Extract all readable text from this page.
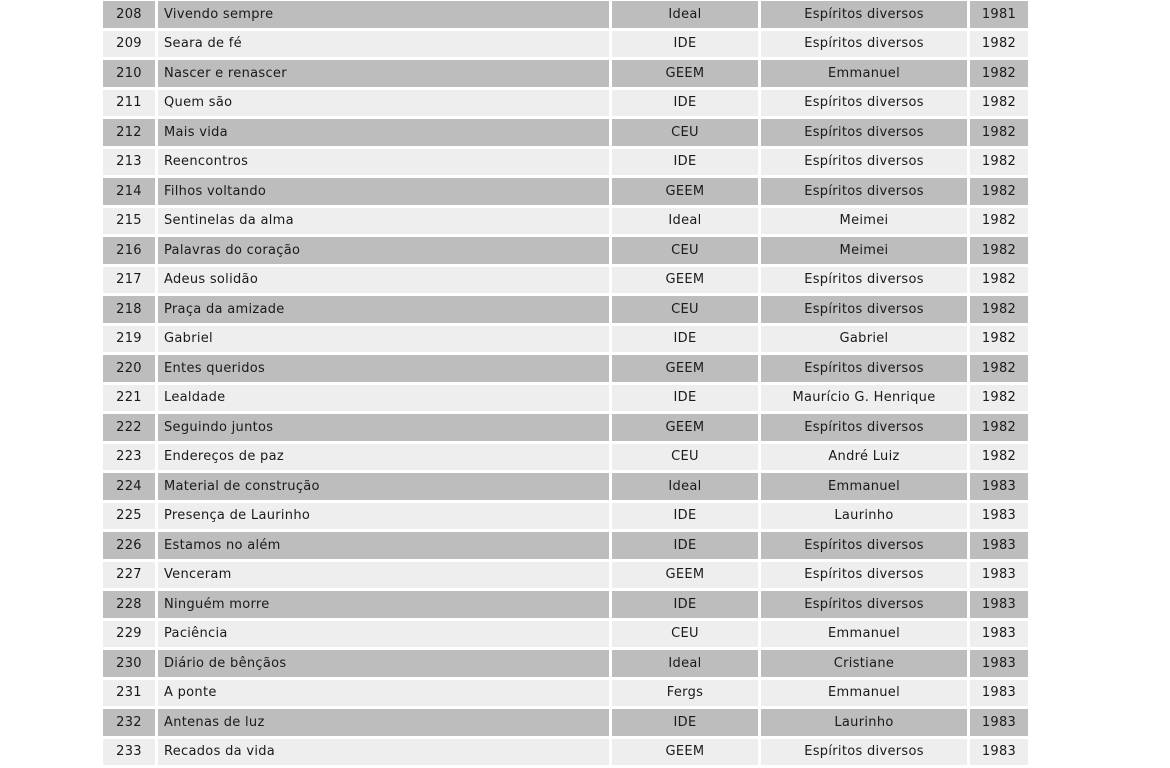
208	Vivendo sempre	Ideal	Espíritos diversos	1981
209	Seara de fé	IDE	Espíritos diversos	1982
210	Nascer e renascer	GEEM	Emmanuel	1982
211	Quem são	IDE	Espíritos diversos	1982
212	Mais vida	CEU	Espíritos diversos	1982
213	Reencontros	IDE	Espíritos diversos	1982
214	Filhos voltando	GEEM	Espíritos diversos	1982
215	Sentinelas da alma	Ideal	Meimei	1982
216	Palavras do coração	CEU	Meimei	1982
217	Adeus solidão	GEEM	Espíritos diversos	1982
218	Praça da amizade	CEU	Espíritos diversos	1982
219	Gabriel	IDE	Gabriel	1982
220	Entes queridos	GEEM	Espíritos diversos	1982
221	Lealdade	IDE	Maurício G. Henrique	1982
222	Seguindo juntos	GEEM	Espíritos diversos	1982
223	Endereços de paz	CEU	André Luiz	1982
224	Material de construção	Ideal	Emmanuel	1983
225	Presença de Laurinho	IDE	Laurinho	1983
226	Estamos no além	IDE	Espíritos diversos	1983
227	Venceram	GEEM	Espíritos diversos	1983
228	Ninguém morre	IDE	Espíritos diversos	1983
229	Paciência	CEU	Emmanuel	1983
230	Diário de bênçãos	Ideal	Cristiane	1983
231	A ponte	Fergs	Emmanuel	1983
232	Antenas de luz	IDE	Laurinho	1983
233	Recados da vida	GEEM	Espíritos diversos	1983
